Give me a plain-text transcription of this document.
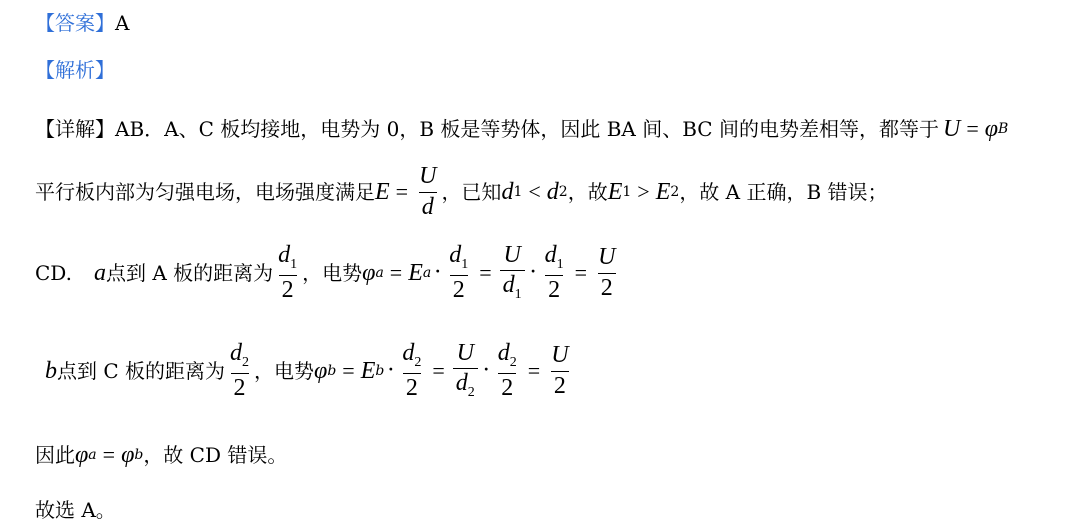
【答案】 A
【解析】
【详解】 AB．A、C 板均接地，电势为 0，B 板是等势体，因此 BA 间、BC 间的电势差相等，都等于 U = φ B
平行板内部为匀强电场，电场强度满足 $E = \frac{U}{d}$ ，已知 d 1 < d 2 ，故 E 1 > E 2 ，故 A 正确，B 错误；
CD. a 点到 A 板的距离为 $\frac{d_1}{2}$ ，电势 φ a = E $a \cdot \frac{d_1}{2} = \frac{U}{d_1} \cdot \frac{d_1}{2} = \frac{U}{2}$
b 点到 C 板的距离为 $\frac{d_2}{2}$ ，电势 φ b = E $b \cdot \frac{d_2}{2} = \frac{U}{d_2} \cdot \frac{d_2}{2} = \frac{U}{2}$
因此 φ a = φ b ，故 CD 错误。
故选 A。
